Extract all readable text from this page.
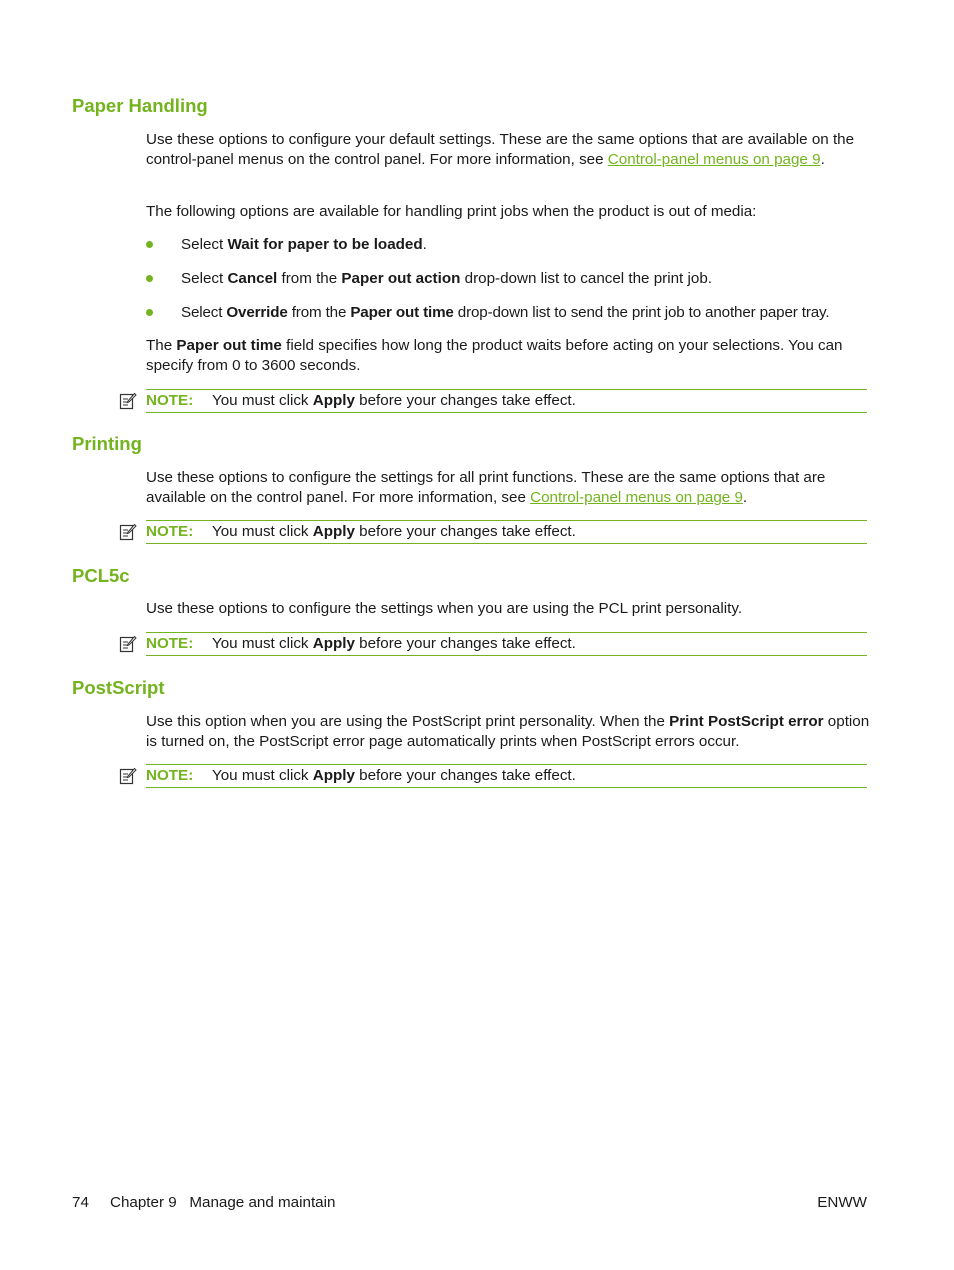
Paper Handling

Use these options to configure your default settings. These are the same options that are available on the control-panel menus on the control panel. For more information, see Control-panel menus on page 9.

The following options are available for handling print jobs when the product is out of media:

Select Wait for paper to be loaded.
Select Cancel from the Paper out action drop-down list to cancel the print job.
Select Override from the Paper out time drop-down list to send the print job to another paper tray.

The Paper out time field specifies how long the product waits before acting on your selections. You can specify from 0 to 3600 seconds.

NOTE: You must click Apply before your changes take effect.
Printing

Use these options to configure the settings for all print functions. These are the same options that are available on the control panel. For more information, see Control-panel menus on page 9.

NOTE: You must click Apply before your changes take effect.
PCL5c

Use these options to configure the settings when you are using the PCL print personality.

NOTE: You must click Apply before your changes take effect.
PostScript

Use this option when you are using the PostScript print personality. When the Print PostScript error option is turned on, the PostScript error page automatically prints when PostScript errors occur.

NOTE: You must click Apply before your changes take effect.
74 Chapter 9   Manage and maintain	ENWW
